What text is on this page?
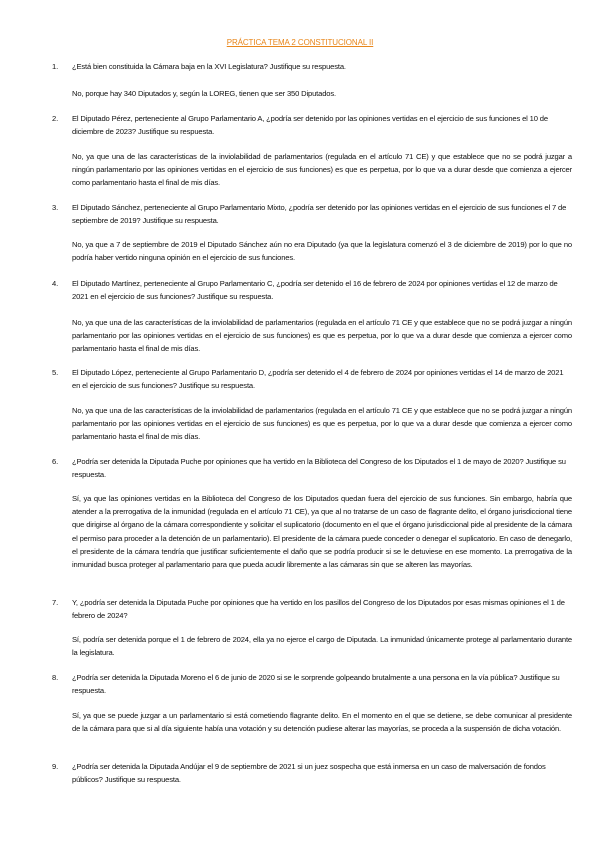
PRÁCTICA TEMA 2 CONSTITUCIONAL II
1.	¿Está bien constituida la Cámara baja en la XVI Legislatura? Justifique su respuesta.
No, porque hay 340 Diputados y, según la LOREG, tienen que ser 350 Diputados.
2.	El Diputado Pérez, perteneciente al Grupo Parlamentario A, ¿podría ser detenido por las opiniones vertidas en el ejercicio de sus funciones el 10 de diciembre de 2023? Justifique su respuesta.
No, ya que una de las características de la inviolabilidad de parlamentarios (regulada en el artículo 71 CE) y que establece que no se podrá juzgar a ningún parlamentario por las opiniones vertidas en el ejercicio de sus funciones) es que es perpetua, por lo que va a durar desde que comienza a ejercer como parlamentario hasta el final de mis días.
3.	El Diputado Sánchez, perteneciente al Grupo Parlamentario Mixto, ¿podría ser detenido por las opiniones vertidas en el ejercicio de sus funciones el 7 de septiembre de 2019? Justifique su respuesta.
No, ya que a 7 de septiembre de 2019 el Diputado Sánchez aún no era Diputado (ya que la legislatura comenzó el 3 de diciembre de 2019) por lo que no podría haber vertido ninguna opinión en el ejercicio de sus funciones.
4.	El Diputado Martínez, perteneciente al Grupo Parlamentario C, ¿podría ser detenido el 16 de febrero de 2024 por opiniones vertidas el 12 de marzo de 2021 en el ejercicio de sus funciones? Justifique su respuesta.
No, ya que una de las características de la inviolabilidad de parlamentarios (regulada en el artículo 71 CE y que establece que no se podrá juzgar a ningún parlamentario por las opiniones vertidas en el ejercicio de sus funciones) es que es perpetua, por lo que va a durar desde que comienza a ejercer como parlamentario hasta el final de mis días.
5.	El Diputado López, perteneciente al Grupo Parlamentario D, ¿podría ser detenido el 4 de febrero de 2024 por opiniones vertidas el 14 de marzo de 2021 en el ejercicio de sus funciones? Justifique su respuesta.
No, ya que una de las características de la inviolabilidad de parlamentarios (regulada en el artículo 71 CE y que establece que no se podrá juzgar a ningún parlamentario por las opiniones vertidas en el ejercicio de sus funciones) es que es perpetua, por lo que va a durar desde que comienza a ejercer como parlamentario hasta el final de mis días.
6.	¿Podría ser detenida la Diputada Puche por opiniones que ha vertido en la Biblioteca del Congreso de los Diputados el 1 de mayo de 2020? Justifique su respuesta.
Sí, ya que las opiniones vertidas en la Biblioteca del Congreso de los Diputados quedan fuera del ejercicio de sus funciones. Sin embargo, habría que atender a la prerrogativa de la inmunidad (regulada en el artículo 71 CE), ya que al no tratarse de un caso de flagrante delito, el órgano jurisdiccional tiene que dirigirse al órgano de la cámara correspondiente y solicitar el suplicatorio (documento en el que el órgano jurisdiccional pide al presidente de la cámara el permiso para proceder a la detención de un parlamentario). El presidente de la cámara puede conceder o denegar el suplicatorio. En caso de denegarlo, el presidente de la cámara tendría que justificar suficientemente el daño que se podría producir si se le detuviese en ese momento. La prerrogativa de la inmunidad busca proteger al parlamentario para que pueda acudir libremente a las cámaras sin que se alteren las mayorías.
7.	Y, ¿podría ser detenida la Diputada Puche por opiniones que ha vertido en los pasillos del Congreso de los Diputados por esas mismas opiniones el 1 de febrero de 2024?
Sí, podría ser detenida porque el 1 de febrero de 2024, ella ya no ejerce el cargo de Diputada. La inmunidad únicamente protege al parlamentario durante la legislatura.
8.	¿Podría ser detenida la Diputada Moreno el 6 de junio de 2020 si se le sorprende golpeando brutalmente a una persona en la vía pública? Justifique su respuesta.
Sí, ya que se puede juzgar a un parlamentario si está cometiendo flagrante delito. En el momento en el que se detiene, se debe comunicar al presidente de la cámara para que si al día siguiente había una votación y su detención pudiese alterar las mayorías, se proceda a la suspensión de dicha votación.
9.	¿Podría ser detenida la Diputada Andújar el 9 de septiembre de 2021 si un juez sospecha que está inmersa en un caso de malversación de fondos públicos? Justifique su respuesta.
